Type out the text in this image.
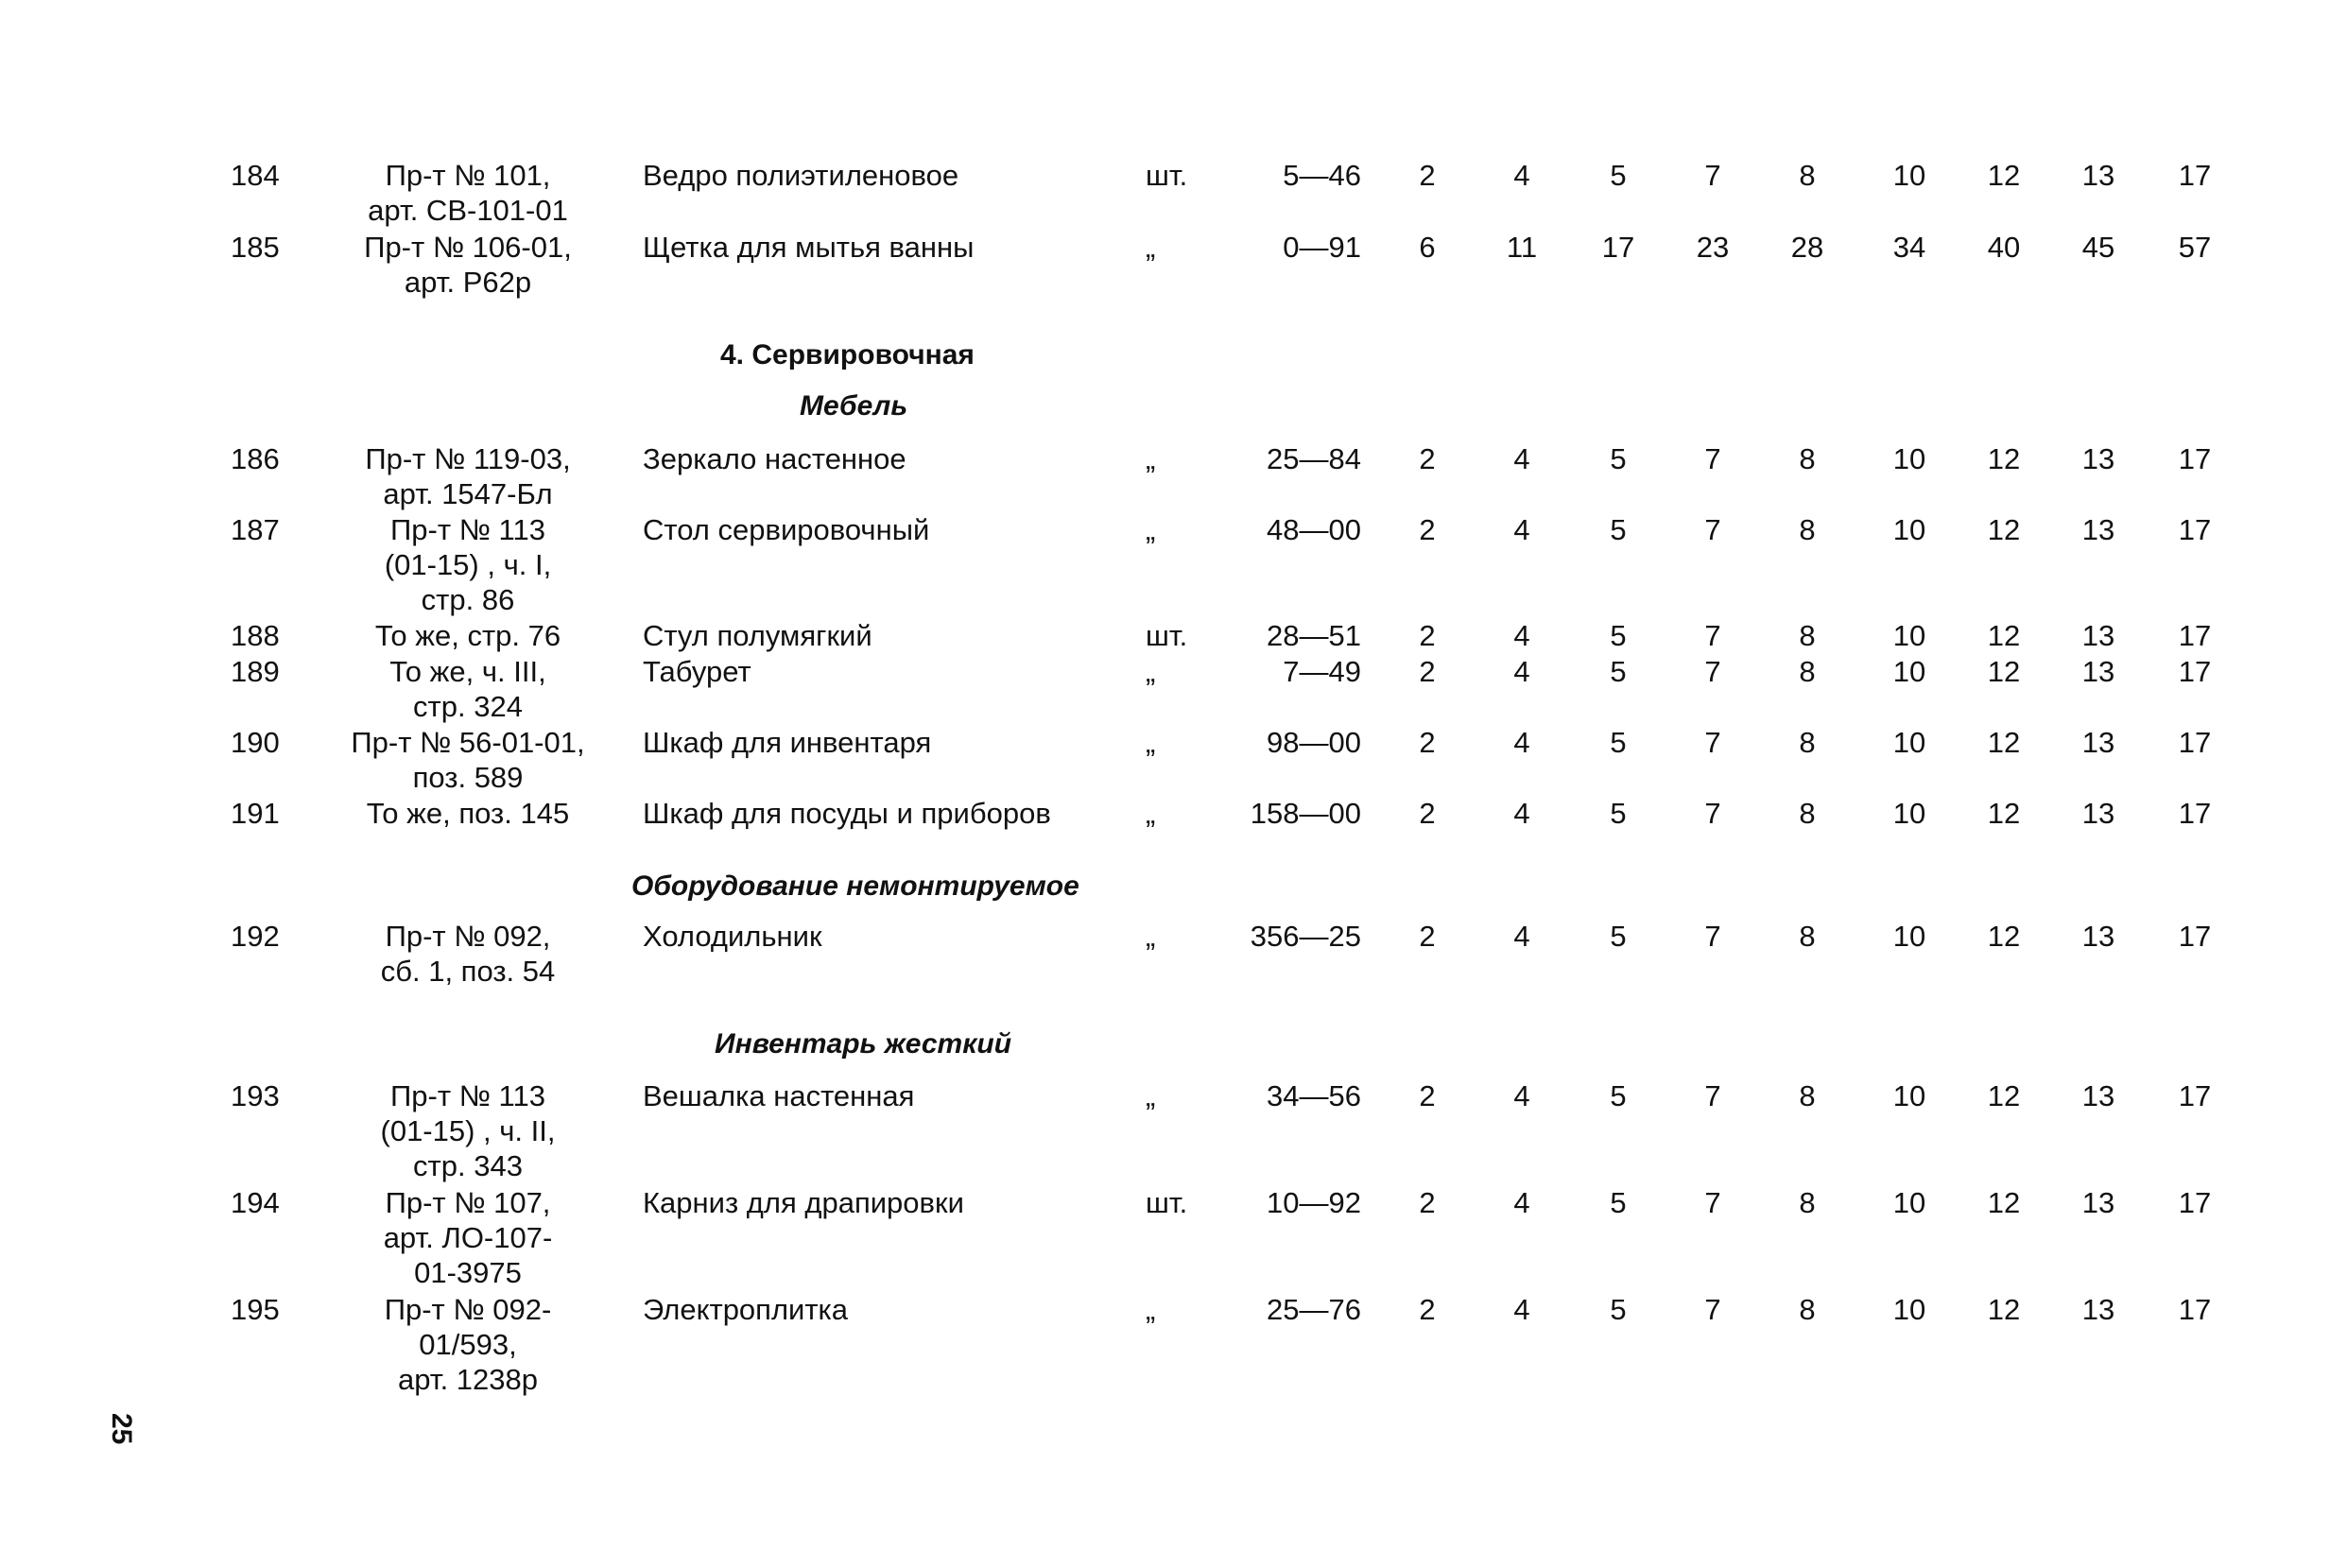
4. Сервировочная
Мебель
Оборудование немонтируемое
Инвентарь жесткий
184	Пр-т № 101,
арт. СВ-101-01
Ведро полиэтиленовое	шт.	5—46	2	4	5	7	8	10	12	13	17
185	Пр-т № 106-01,
арт. Р62р
Щетка для мытья ванны	„	0—91	6	11	17	23	28	34	40	45	57
186	Пр-т № 119-03,
арт. 1547-Бл
Зеркало настенное	„	25—84	2	4	5	7	8	10	12	13	17
187	Пр-т № 113
(01-15) , ч. I,
стр. 86
Стол сервировочный	„	48—00	2	4	5	7	8	10	12	13	17
188	То же, стр. 76	Стул полумягкий	шт.	28—51	2	4	5	7	8	10	12	13	17
189	То же, ч. III,
стр. 324
Табурет	„	7—49	2	4	5	7	8	10	12	13	17
190	Пр-т № 56-01-01,
поз. 589
Шкаф для инвентаря	„	98—00	2	4	5	7	8	10	12	13	17
191	То же, поз. 145	Шкаф для посуды и приборов	„	158—00	2	4	5	7	8	10	12	13	17
192	Пр-т № 092,
сб. 1, поз. 54
Холодильник	„	356—25	2	4	5	7	8	10	12	13	17
193	Пр-т № 113
(01-15) , ч. II,
стр. 343
Вешалка настенная	„	34—56	2	4	5	7	8	10	12	13	17
194	Пр-т № 107,
арт. ЛО-107-
01-3975
Карниз для драпировки	шт.	10—92	2	4	5	7	8	10	12	13	17
195	Пр-т № 092-
01/593,
арт. 1238р
Электроплитка	„	25—76	2	4	5	7	8	10	12	13	17
25
